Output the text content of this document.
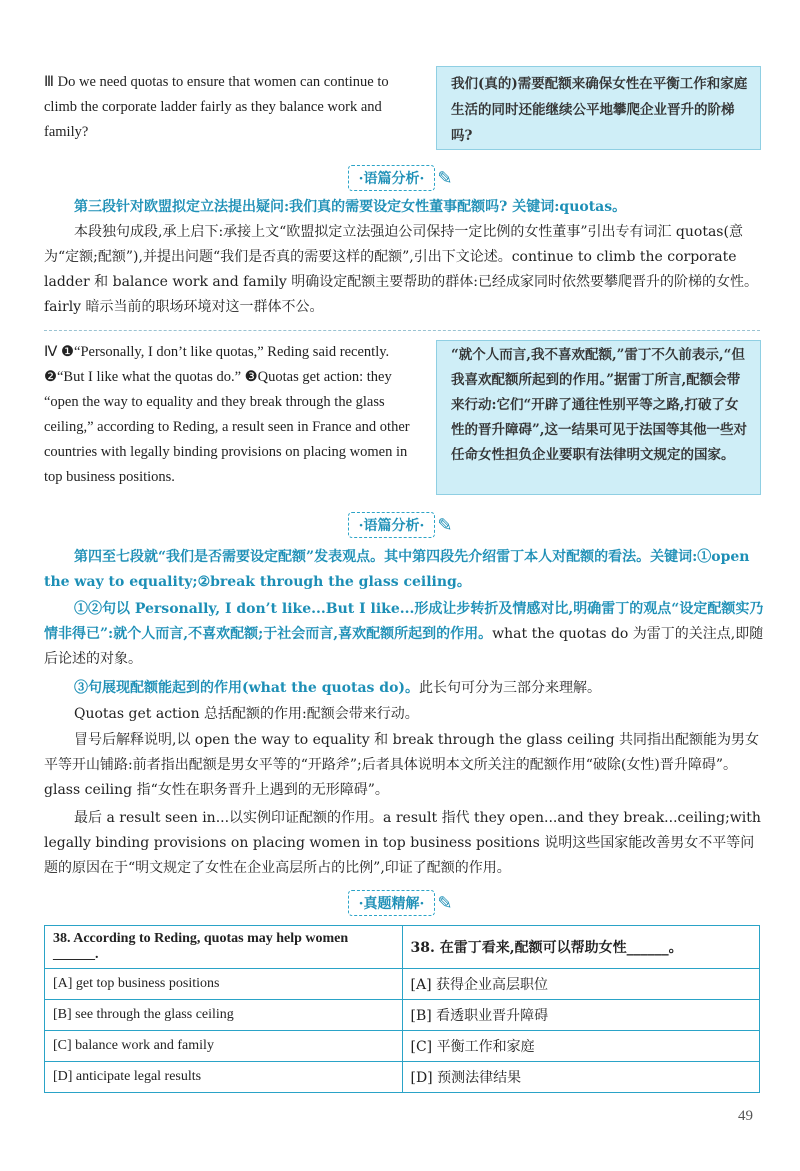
Ⅲ Do we need quotas to ensure that women can continue to climb the corporate ladder fairly as they balance work and family?
我们(真的)需要配额来确保女性在平衡工作和家庭生活的同时还能继续公平地攀爬企业晋升的阶梯吗?
·语篇分析· ✎
第三段针对欧盟拟定立法提出疑问:我们真的需要设定女性董事配额吗? 关键词:quotas。
本段独句成段,承上启下:承接上文“欧盟拟定立法强迫公司保持一定比例的女性董事”引出专有词汇 quotas(意为“定额;配额”),并提出问题“我们是否真的需要这样的配额”,引出下文论述。continue to climb the corporate ladder 和 balance work and family 明确设定配额主要帮助的群体:已经成家同时依然要攀爬晋升的阶梯的女性。fairly 暗示当前的职场环境对这一群体不公。
Ⅳ ❶“Personally, I don’t like quotas,” Reding said recently. ❷“But I like what the quotas do.” ❸Quotas get action: they “open the way to equality and they break through the glass ceiling,” according to Reding, a result seen in France and other countries with legally binding provisions on placing women in top business positions.
“就个人而言,我不喜欢配额,”雷丁不久前表示,“但我喜欢配额所起到的作用。”据雷丁所言,配额会带来行动:它们“开辟了通往性别平等之路,打破了女性的晋升障碍”,这一结果可见于法国等其他一些对任命女性担负企业要职有法律明文规定的国家。
·语篇分析· ✎
第四至七段就“我们是否需要设定配额”发表观点。其中第四段先介绍雷丁本人对配额的看法。关键词:①open the way to equality;②break through the glass ceiling。
①②句以 Personally, I don’t like...But I like...形成让步转折及情感对比,明确雷丁的观点“设定配额实乃情非得已”:就个人而言,不喜欢配额;于社会而言,喜欢配额所起到的作用。what the quotas do 为雷丁的关注点,即随后论述的对象。
③句展现配额能起到的作用(what the quotas do)。此长句可分为三部分来理解。
Quotas get action 总括配额的作用:配额会带来行动。
冒号后解释说明,以 open the way to equality 和 break through the glass ceiling 共同指出配额能为男女平等开山铺路:前者指出配额是男女平等的“开路斧”;后者具体说明本文所关注的配额作用“破除(女性)晋升障碍”。glass ceiling 指“女性在职务晋升上遇到的无形障碍”。
最后 a result seen in...以实例印证配额的作用。a result 指代 they open...and they break...ceiling;with legally binding provisions on placing women in top business positions 说明这些国家能改善男女不平等问题的原因在于“明文规定了女性在企业高层所占的比例”,印证了配额的作用。
·真题精解· ✎
38. According to Reding, quotas may help women ______.	38. 在雷丁看来,配额可以帮助女性______。
[A] get top business positions	[A] 获得企业高层职位
[B] see through the glass ceiling	[B] 看透职业晋升障碍
[C] balance work and family	[C] 平衡工作和家庭
[D] anticipate legal results	[D] 预测法律结果
49
